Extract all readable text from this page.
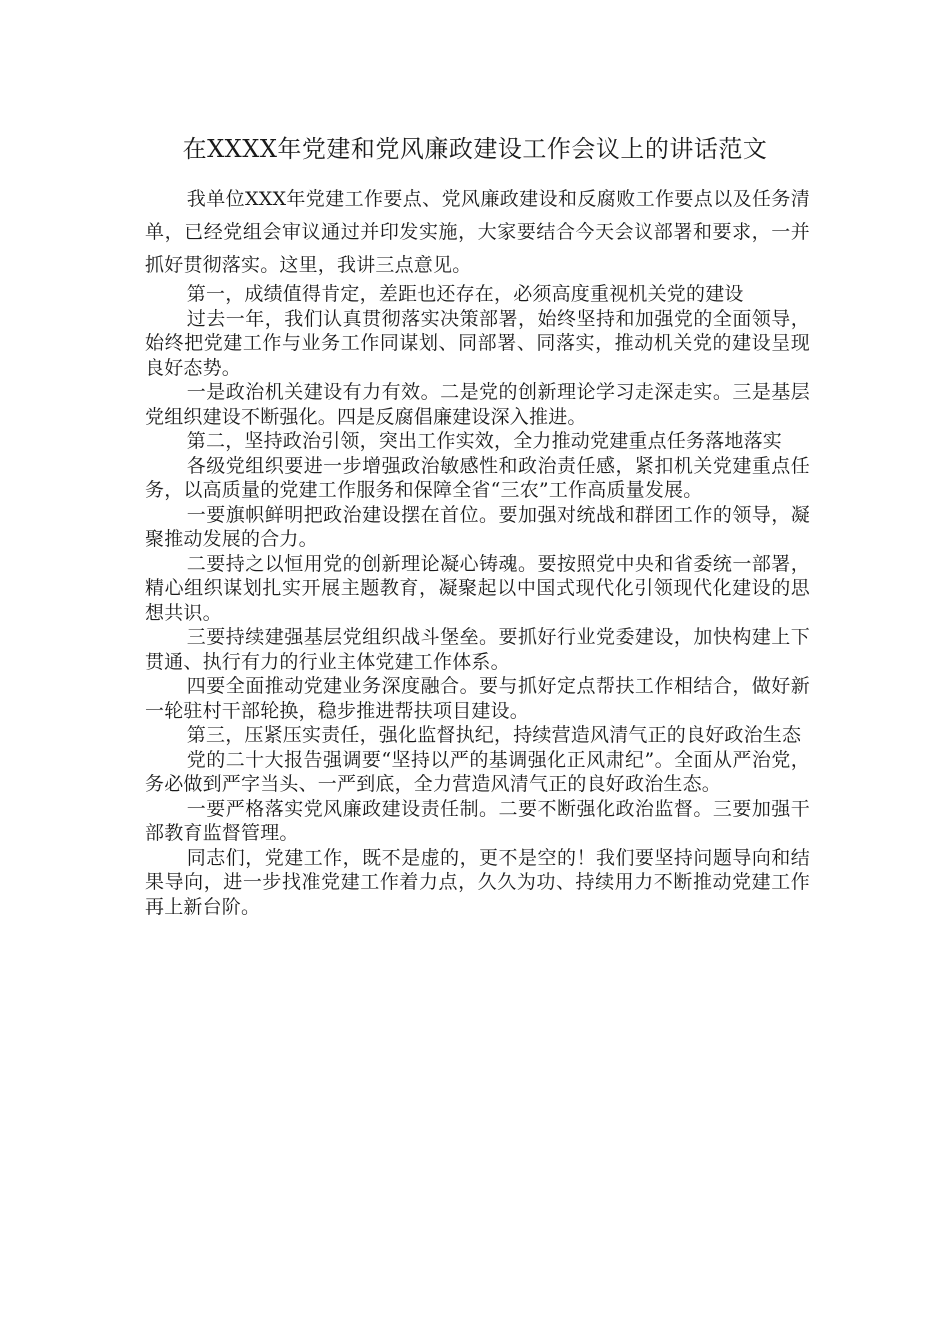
在XXXX年党建和党风廉政建设工作会议上的讲话范文

我单位XXX年党建工作要点、党风廉政建设和反腐败工作要点以及任务清单，已经党组会审议通过并印发实施，大家要结合今天会议部署和要求，一并抓好贯彻落实。这里，我讲三点意见。

第一，成绩值得肯定，差距也还存在，必须高度重视机关党的建设

过去一年，我们认真贯彻落实决策部署，始终坚持和加强党的全面领导，始终把党建工作与业务工作同谋划、同部署、同落实，推动机关党的建设呈现良好态势。

一是政治机关建设有力有效。二是党的创新理论学习走深走实。三是基层党组织建设不断强化。四是反腐倡廉建设深入推进。

第二，坚持政治引领，突出工作实效，全力推动党建重点任务落地落实

各级党组织要进一步增强政治敏感性和政治责任感，紧扣机关党建重点任务，以高质量的党建工作服务和保障全省“三农”工作高质量发展。

一要旗帜鲜明把政治建设摆在首位。要加强对统战和群团工作的领导，凝聚推动发展的合力。

二要持之以恒用党的创新理论凝心铸魂。要按照党中央和省委统一部署，精心组织谋划扎实开展主题教育，凝聚起以中国式现代化引领现代化建设的思想共识。

三要持续建强基层党组织战斗堡垒。要抓好行业党委建设，加快构建上下贯通、执行有力的行业主体党建工作体系。

四要全面推动党建业务深度融合。要与抓好定点帮扶工作相结合，做好新一轮驻村干部轮换，稳步推进帮扶项目建设。

第三，压紧压实责任，强化监督执纪，持续营造风清气正的良好政治生态

党的二十大报告强调要“坚持以严的基调强化正风肃纪”。全面从严治党，务必做到严字当头、一严到底，全力营造风清气正的良好政治生态。

一要严格落实党风廉政建设责任制。二要不断强化政治监督。三要加强干部教育监督管理。

同志们，党建工作，既不是虚的，更不是空的！我们要坚持问题导向和结果导向，进一步找准党建工作着力点，久久为功、持续用力不断推动党建工作再上新台阶。
